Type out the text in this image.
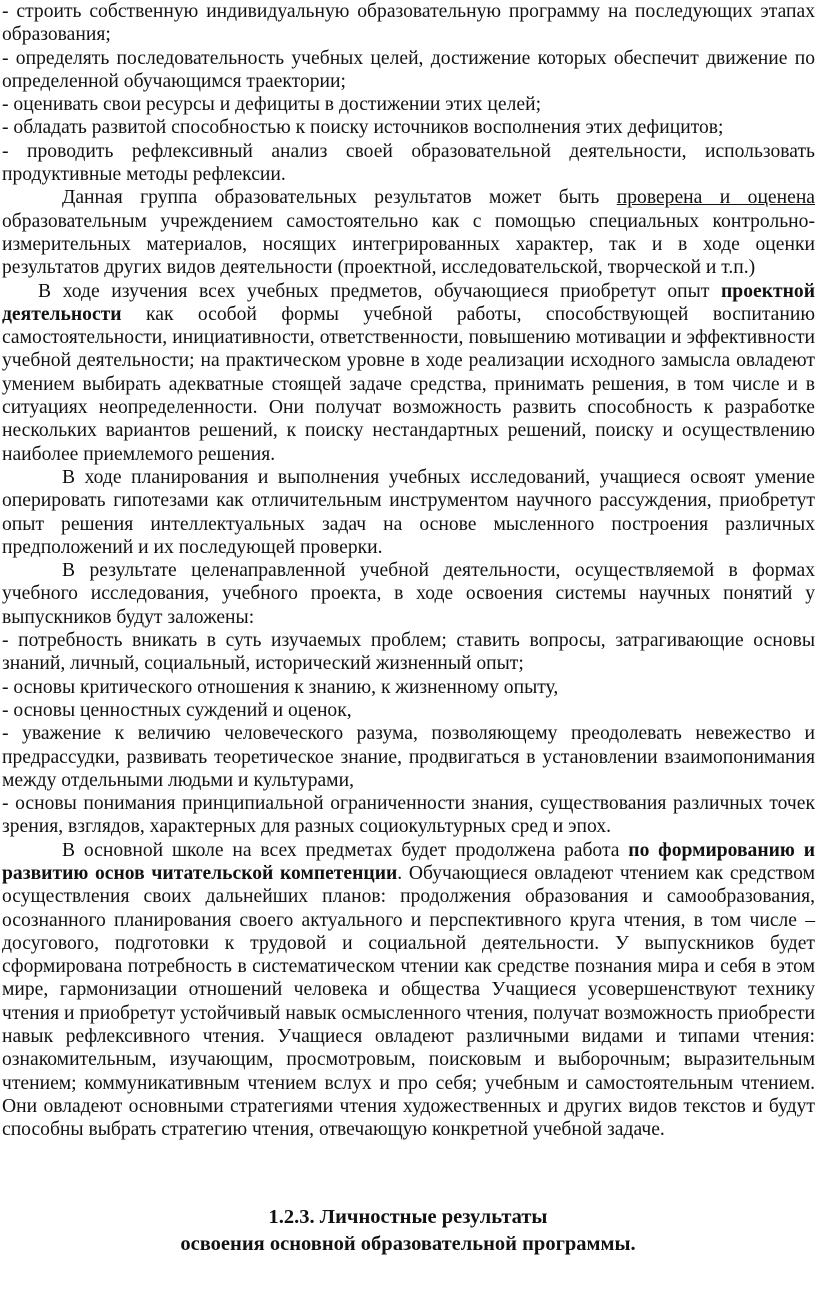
- строить собственную индивидуальную образовательную программу на последующих этапах образования;

- определять последовательность учебных целей, достижение которых обеспечит движение по определенной обучающимся траектории;

- оценивать свои ресурсы и дефициты в достижении этих целей;

- обладать развитой способностью к поиску источников восполнения этих дефицитов;

- проводить рефлексивный анализ своей образовательной деятельности, использовать продуктивные методы рефлексии.

Данная группа образовательных результатов может быть проверена и оценена образовательным учреждением самостоятельно как с помощью специальных контрольно-измерительных материалов, носящих интегрированных характер, так и в ходе оценки результатов других видов деятельности (проектной, исследовательской, творческой и т.п.)

В ходе изучения всех учебных предметов, обучающиеся приобретут опыт проектной деятельности как особой формы учебной работы, способствующей воспитанию самостоятельности, инициативности, ответственности, повышению мотивации и эффективности учебной деятельности; на практическом уровне в ходе реализации исходного замысла овладеют умением выбирать адекватные стоящей задаче средства, принимать решения, в том числе и в ситуациях неопределенности. Они получат возможность развить способность к разработке нескольких вариантов решений, к поиску нестандартных решений, поиску и осуществлению наиболее приемлемого решения.

В ходе планирования и выполнения учебных исследований, учащиеся освоят умение оперировать гипотезами как отличительным инструментом научного рассуждения, приобретут опыт решения интеллектуальных задач на основе мысленного построения различных предположений и их последующей проверки.

В результате целенаправленной учебной деятельности, осуществляемой в формах учебного исследования, учебного проекта, в ходе освоения системы научных понятий у выпускников будут заложены:

- потребность вникать в суть изучаемых проблем; ставить вопросы, затрагивающие основы знаний, личный, социальный, исторический жизненный опыт;

- основы критического отношения к знанию, к жизненному опыту,

- основы ценностных суждений и оценок,

- уважение к величию человеческого разума, позволяющему преодолевать невежество и предрассудки, развивать теоретическое знание, продвигаться в установлении взаимопонимания между отдельными людьми и культурами,

- основы понимания принципиальной ограниченности знания, существования различных точек зрения, взглядов, характерных для разных социокультурных сред и эпох.

В основной школе на всех предметах будет продолжена работа по формированию и развитию основ читательской компетенции. Обучающиеся овладеют чтением как средством осуществления своих дальнейших планов: продолжения образования и самообразования, осознанного планирования своего актуального и перспективного круга чтения, в том числе – досугового, подготовки к трудовой и социальной деятельности. У выпускников будет сформирована потребность в систематическом чтении как средстве познания мира и себя в этом мире, гармонизации отношений человека и общества Учащиеся усовершенствуют технику чтения и приобретут устойчивый навык осмысленного чтения, получат возможность приобрести навык рефлексивного чтения. Учащиеся овладеют различными видами и типами чтения: ознакомительным, изучающим, просмотровым, поисковым и выборочным; выразительным чтением; коммуникативным чтением вслух и про себя; учебным и самостоятельным чтением. Они овладеют основными стратегиями чтения художественных и других видов текстов и будут способны выбрать стратегию чтения, отвечающую конкретной учебной задаче.

1.2.3. Личностные результаты
освоения основной образовательной программы.
